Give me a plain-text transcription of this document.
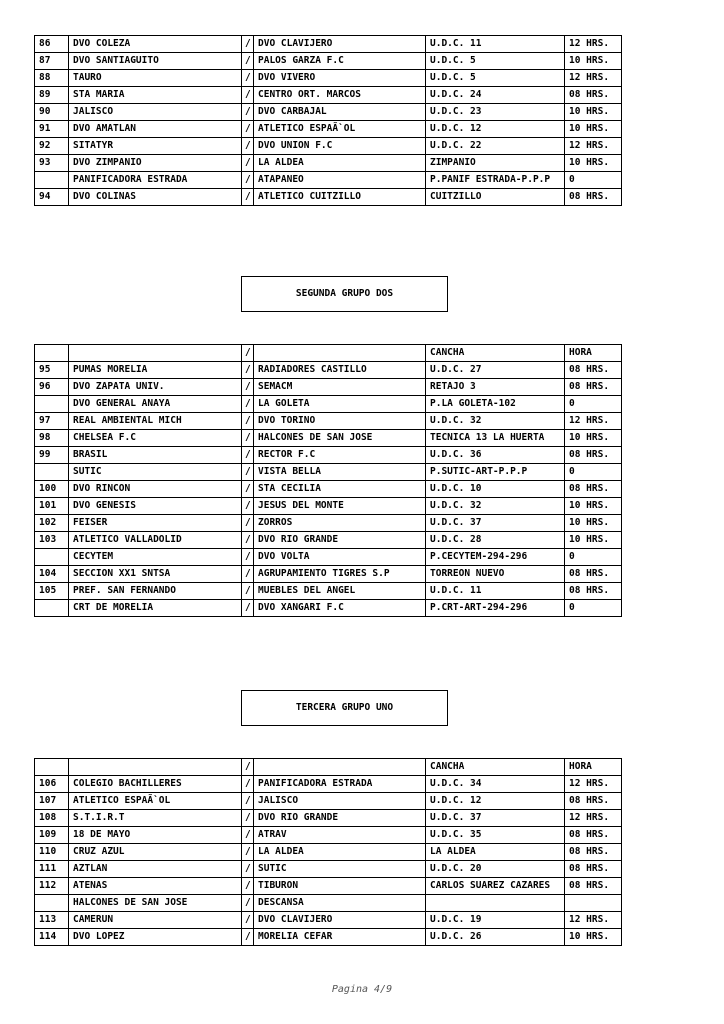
86	DVO COLEZA	/	DVO CLAVIJERO	U.D.C. 11	12 HRS.
87	DVO SANTIAGUITO	/	PALOS GARZA F.C	U.D.C. 5	10 HRS.
88	TAURO	/	DVO VIVERO	U.D.C. 5	12 HRS.
89	STA MARIA	/	CENTRO ORT. MARCOS	U.D.C. 24	08 HRS.
90	JALISCO	/	DVO CARBAJAL	U.D.C. 23	10 HRS.
91	DVO AMATLAN	/	ATLETICO ESPAÃ`OL	U.D.C. 12	10 HRS.
92	SITATYR	/	DVO UNION F.C	U.D.C. 22	12 HRS.
93	DVO ZIMPANIO	/	LA ALDEA	ZIMPANIO	10 HRS.
	PANIFICADORA ESTRADA	/	ATAPANEO	P.PANIF ESTRADA-P.P.P	0
94	DVO COLINAS	/	ATLETICO CUITZILLO	CUITZILLO	08 HRS.
SEGUNDA GRUPO DOS
		/		CANCHA	HORA
95	PUMAS MORELIA	/	RADIADORES CASTILLO	U.D.C. 27	08 HRS.
96	DVO ZAPATA UNIV.	/	SEMACM	RETAJO 3	08 HRS.
	DVO GENERAL ANAYA	/	LA GOLETA	P.LA GOLETA-102	0
97	REAL AMBIENTAL MICH	/	DVO TORINO	U.D.C. 32	12 HRS.
98	CHELSEA F.C	/	HALCONES DE SAN JOSE	TECNICA 13 LA HUERTA	10 HRS.
99	BRASIL	/	RECTOR F.C	U.D.C. 36	08 HRS.
	SUTIC	/	VISTA BELLA	P.SUTIC-ART-P.P.P	0
100	DVO RINCON	/	STA CECILIA	U.D.C. 10	08 HRS.
101	DVO GENESIS	/	JESUS DEL MONTE	U.D.C. 32	10 HRS.
102	FEISER	/	ZORROS	U.D.C. 37	10 HRS.
103	ATLETICO VALLADOLID	/	DVO RIO GRANDE	U.D.C. 28	10 HRS.
	CECYTEM	/	DVO VOLTA	P.CECYTEM-294-296	0
104	SECCION XX1 SNTSA	/	AGRUPAMIENTO TIGRES S.P	TORREON NUEVO	08 HRS.
105	PREF. SAN FERNANDO	/	MUEBLES DEL ANGEL	U.D.C. 11	08 HRS.
	CRT DE MORELIA	/	DVO XANGARI F.C	P.CRT-ART-294-296	0
TERCERA GRUPO UNO
		/		CANCHA	HORA
106	COLEGIO BACHILLERES	/	PANIFICADORA ESTRADA	U.D.C. 34	12 HRS.
107	ATLETICO ESPAÃ`OL	/	JALISCO	U.D.C. 12	08 HRS.
108	S.T.I.R.T	/	DVO RIO GRANDE	U.D.C. 37	12 HRS.
109	18 DE MAYO	/	ATRAV	U.D.C. 35	08 HRS.
110	CRUZ AZUL	/	LA ALDEA	LA ALDEA	08 HRS.
111	AZTLAN	/	SUTIC	U.D.C. 20	08 HRS.
112	ATENAS	/	TIBURON	CARLOS SUAREZ CAZARES	08 HRS.
	HALCONES DE SAN JOSE	/	DESCANSA		
113	CAMERUN	/	DVO CLAVIJERO	U.D.C. 19	12 HRS.
114	DVO LOPEZ	/	MORELIA CEFAR	U.D.C. 26	10 HRS.
Pagina 4/9
